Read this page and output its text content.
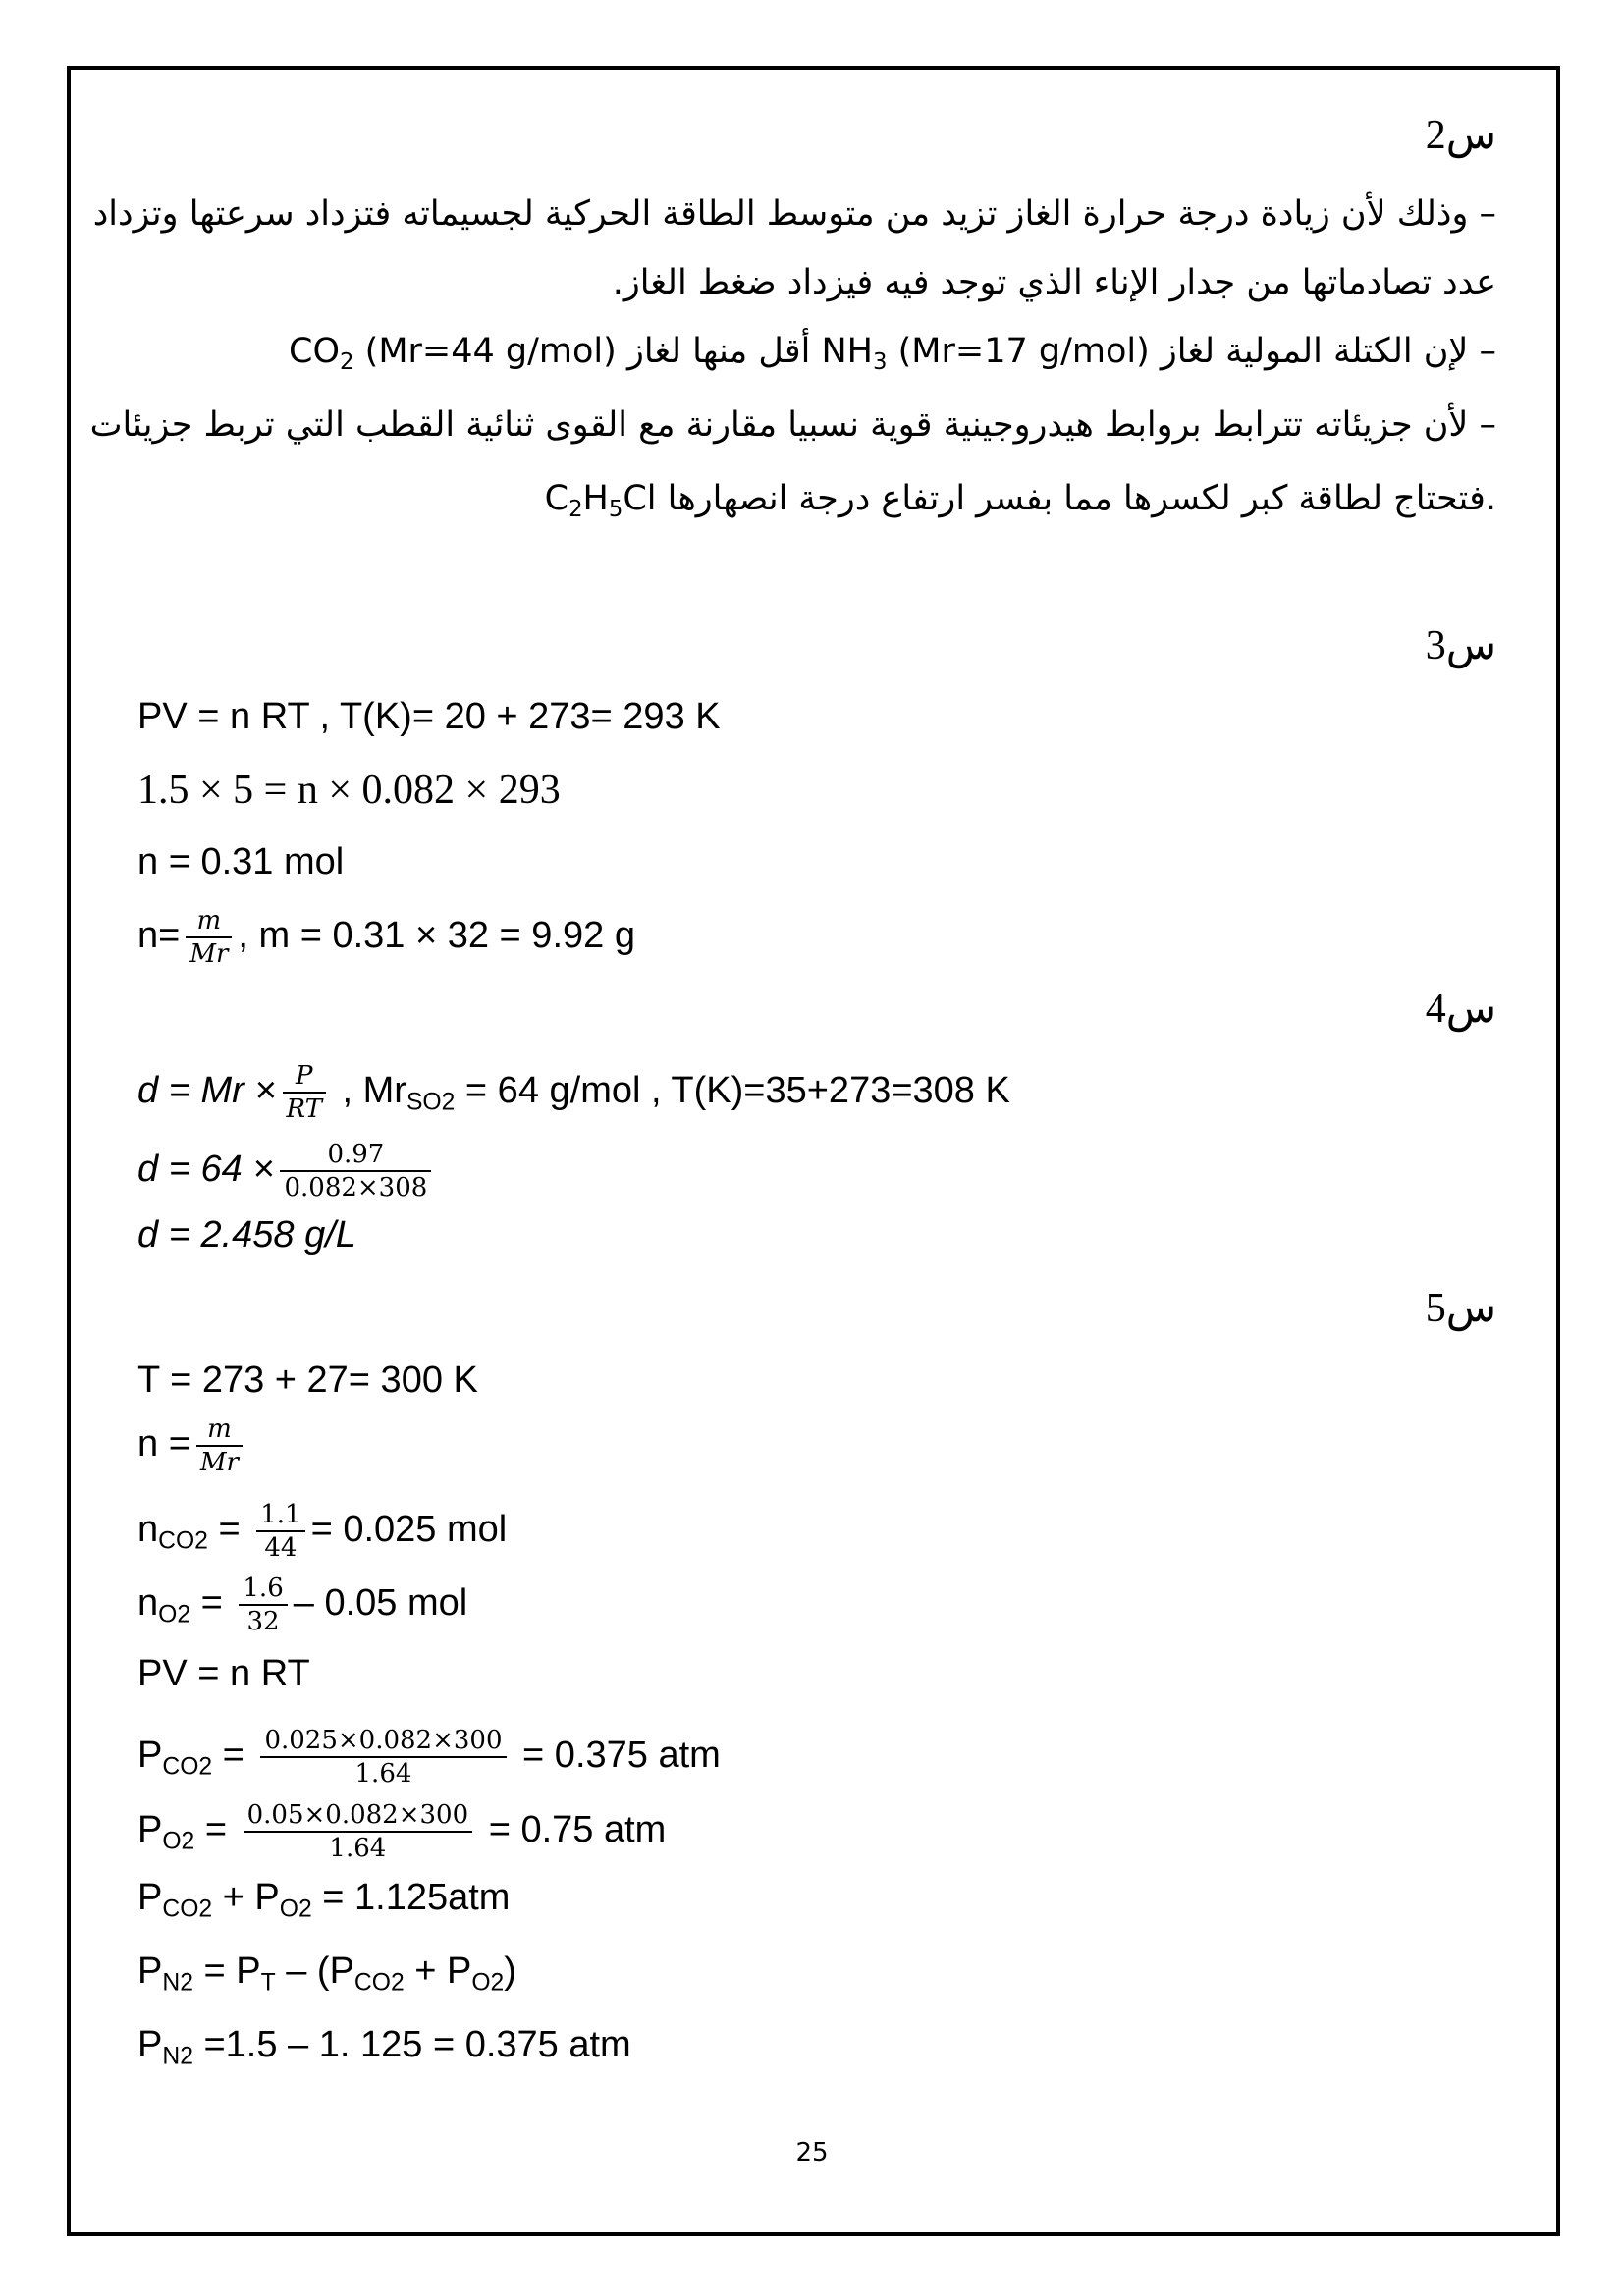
س2
– وذلك لأن زيادة درجة حرارة الغاز تزيد من متوسط الطاقة الحركية لجسيماته فتزداد سرعتها وتزداد
عدد تصادماتها من جدار الإناء الذي توجد فيه فيزداد ضغط الغاز.
– لإن الكتلة المولية لغاز $NH_3$ (Mr=17 g/mol) أقل منها لغاز $CO_2$ (Mr=44 g/mol)
– لأن جزيئاته تترابط بروابط هيدروجينية قوية نسبيا مقارنة مع القوى ثنائية القطب التي تربط جزيئات
$C_2H_5Cl$ فتحتاج لطاقة كبر لكسرها مما بفسر ارتفاع درجة انصهارها.
س3
PV = n RT , T(K)= 20 + 273= 293 K
1.5 × 5 = n × 0.082 × 293
n = 0.31 mol
$n= \frac{m}{Mr}$ , m = 0.31 × 32 = 9.92 g
س4
$d = Mr \times \frac{P}{RT}$ , $Mr_{SO2} = 64$ g/mol , T(K)=35+273=308 K
$d = 64 \times \frac{0.97}{0.082\times 308}$
d = 2.458 g/L
س5
T = 273 + 27= 300 K
$n = \frac{m}{Mr}$
$n_{CO2} = \frac{1.1}{44} = 0.025$ mol
$n_{O2} = \frac{1.6}{32} - 0.05$ mol
PV = n RT
$P_{CO2} = \frac{0.025\times 0.082\times 300}{1.64} = 0.375$ atm
$P_{O2} = \frac{0.05\times 0.082\times 300}{1.64} = 0.75$ atm
$P_{CO2} + P_{O2} = 1.125atm$
$P_{N2} = P_T - (P_{CO2} + P_{O2})$
$P_{N2} =1.5 - 1$. 125 = 0.375 atm
25
